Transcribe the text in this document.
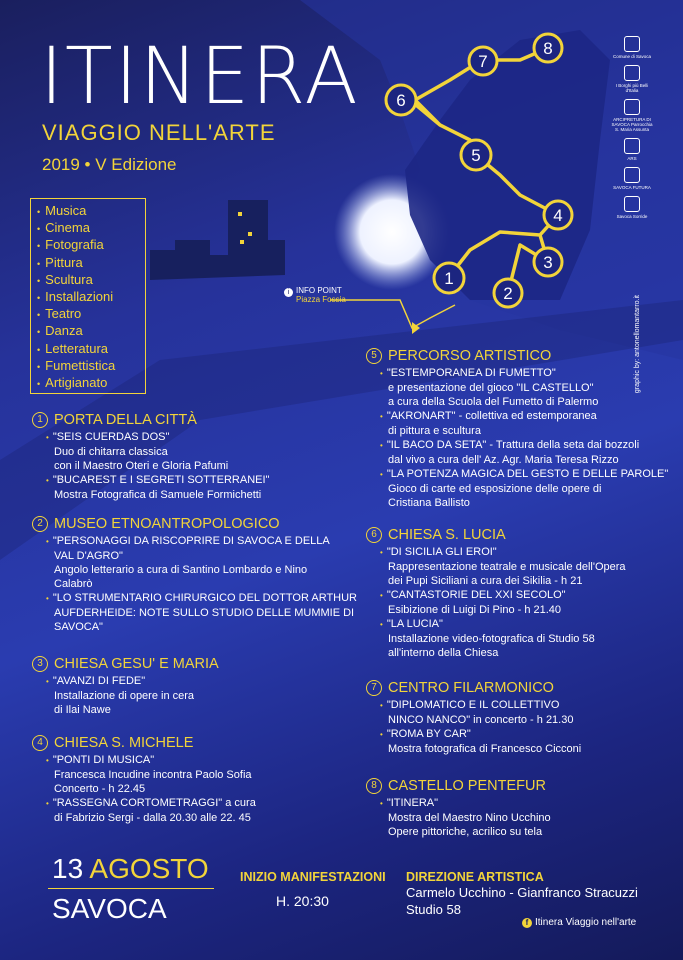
1
2
3
4
5
6
7
8
ITINERA
VIAGGIO NELL'ARTE
2019 • V Edizione
• Musica
• Cinema
• Fotografia
• Pittura
• Scultura
• Installazioni
• Teatro
• Danza
• Letteratura
• Fumettistica
• Artigianato
i INFO POINT
Piazza Fossia
Comune di Savoca
I Borghi più Belli d'Italia
ARCIPRETURA DI SAVOCA Parrocchia S. Maria Assunta
ARS
SAVOCA FUTURA
Savoca Sorride
graphic by: antonellomantarro.it
1 PORTA DELLA CITTÀ
• "SEIS CUERDAS DOS"
Duo di chitarra classica
con il Maestro Oteri e Gloria Pafumi
• "BUCAREST E I SEGRETI SOTTERRANEI"
Mostra Fotografica di Samuele Formichetti
2 MUSEO ETNOANTROPOLOGICO
• "PERSONAGGI DA RISCOPRIRE DI SAVOCA E DELLA
VAL D'AGRO"
Angolo letterario a cura di Santino Lombardo e Nino
Calabrò
• "LO STRUMENTARIO CHIRURGICO DEL DOTTOR ARTHUR
AUFDERHEIDE: NOTE SULLO STUDIO DELLE MUMMIE DI
SAVOCA"
3 CHIESA GESU' E MARIA
• "AVANZI DI FEDE"
Installazione di opere in cera
di Ilai Nawe
4 CHIESA S. MICHELE
• "PONTI DI MUSICA"
Francesca Incudine incontra Paolo Sofia
Concerto - h 22.45
• "RASSEGNA CORTOMETRAGGI" a cura
di Fabrizio Sergi - dalla 20.30 alle 22. 45
5 PERCORSO ARTISTICO
• "ESTEMPORANEA DI FUMETTO"
e presentazione del gioco "IL CASTELLO"
a cura della Scuola del Fumetto di Palermo
• "AKRONART" - collettiva ed estemporanea
di pittura e scultura
• "IL BACO DA SETA" - Trattura della seta dai bozzoli
dal vivo a cura dell' Az. Agr. Maria Teresa Rizzo
• "LA POTENZA MAGICA DEL GESTO E DELLE PAROLE"
Gioco di carte ed esposizione delle opere di
Cristiana Ballisto
6 CHIESA S. LUCIA
• "DI SICILIA GLI EROI"
Rappresentazione teatrale e musicale dell'Opera
dei Pupi Siciliani a cura dei Sikilia - h 21
• "CANTASTORIE DEL XXI SECOLO"
Esibizione di Luigi Di Pino - h 21.40
• "LA LUCIA"
Installazione video-fotografica di Studio 58
all'interno della Chiesa
7 CENTRO FILARMONICO
• "DIPLOMATICO E IL COLLETTIVO
NINCO NANCO" in concerto - h 21.30
• "ROMA BY CAR"
Mostra fotografica di Francesco Cicconi
8 CASTELLO PENTEFUR
• "ITINERA"
Mostra del Maestro Nino Ucchino
Opere pittoriche, acrilico su tela
13 AGOSTO
SAVOCA
INIZIO MANIFESTAZIONI
H. 20:30
DIREZIONE ARTISTICA
Carmelo Ucchino - Gianfranco Stracuzzi
Studio 58
f Itinera Viaggio nell'arte
